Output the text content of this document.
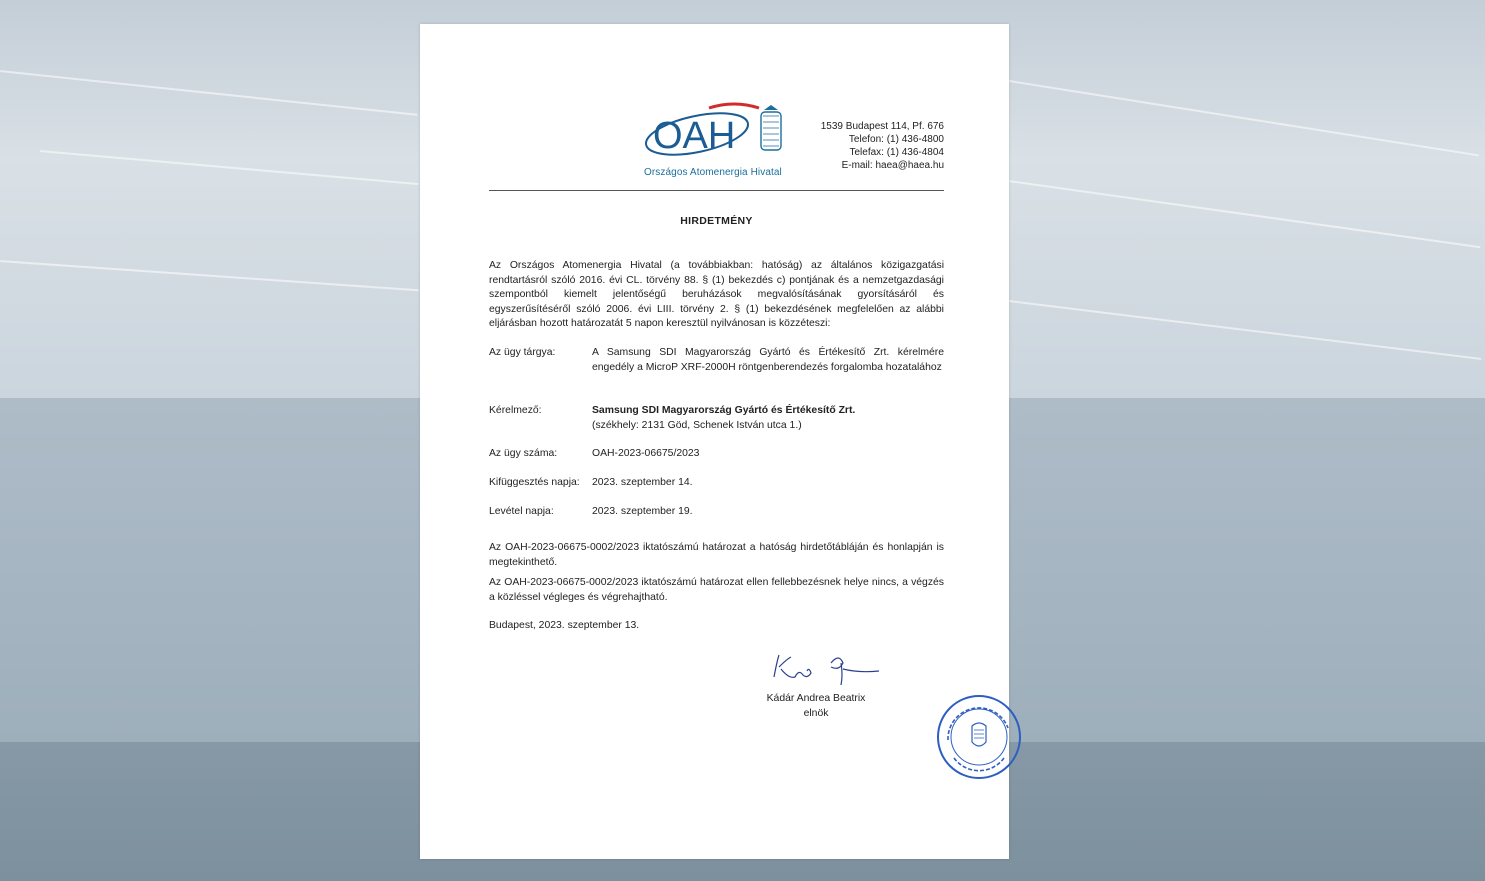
OAH
Országos Atomenergia Hivatal
1539 Budapest 114, Pf. 676
Telefon: (1) 436-4800
Telefax: (1) 436-4804
E-mail: haea@haea.hu
HIRDETMÉNY
Az Országos Atomenergia Hivatal (a továbbiakban: hatóság) az általános közigazgatási rendtartásról szóló 2016. évi CL. törvény 88. § (1) bekezdés c) pontjának és a nemzetgazdasági szempontból kiemelt jelentőségű beruházások megvalósításának gyorsításáról és egyszerűsítéséről szóló 2006. évi LIII. törvény 2. § (1) bekezdésének megfelelően az alábbi eljárásban hozott határozatát 5 napon keresztül nyilvánosan is közzéteszi:
Az ügy tárgya:	A Samsung SDI Magyarország Gyártó és Értékesítő Zrt. kérelmére engedély a MicroP XRF-2000H röntgenberendezés forgalomba hozatalához
Kérelmező:	Samsung SDI Magyarország Gyártó és Értékesítő Zrt.
(székhely: 2131 Göd, Schenek István utca 1.)
Az ügy száma:	OAH-2023-06675/2023
Kifüggesztés napja:	2023. szeptember 14.
Levétel napja:	2023. szeptember 19.
Az OAH-2023-06675-0002/2023 iktatószámú határozat a hatóság hirdetőtábláján és honlapján is megtekinthető.
Az OAH-2023-06675-0002/2023 iktatószámú határozat ellen fellebbezésnek helye nincs, a végzés a közléssel végleges és végrehajtható.
Budapest, 2023. szeptember 13.
Kádár Andrea Beatrix
elnök
